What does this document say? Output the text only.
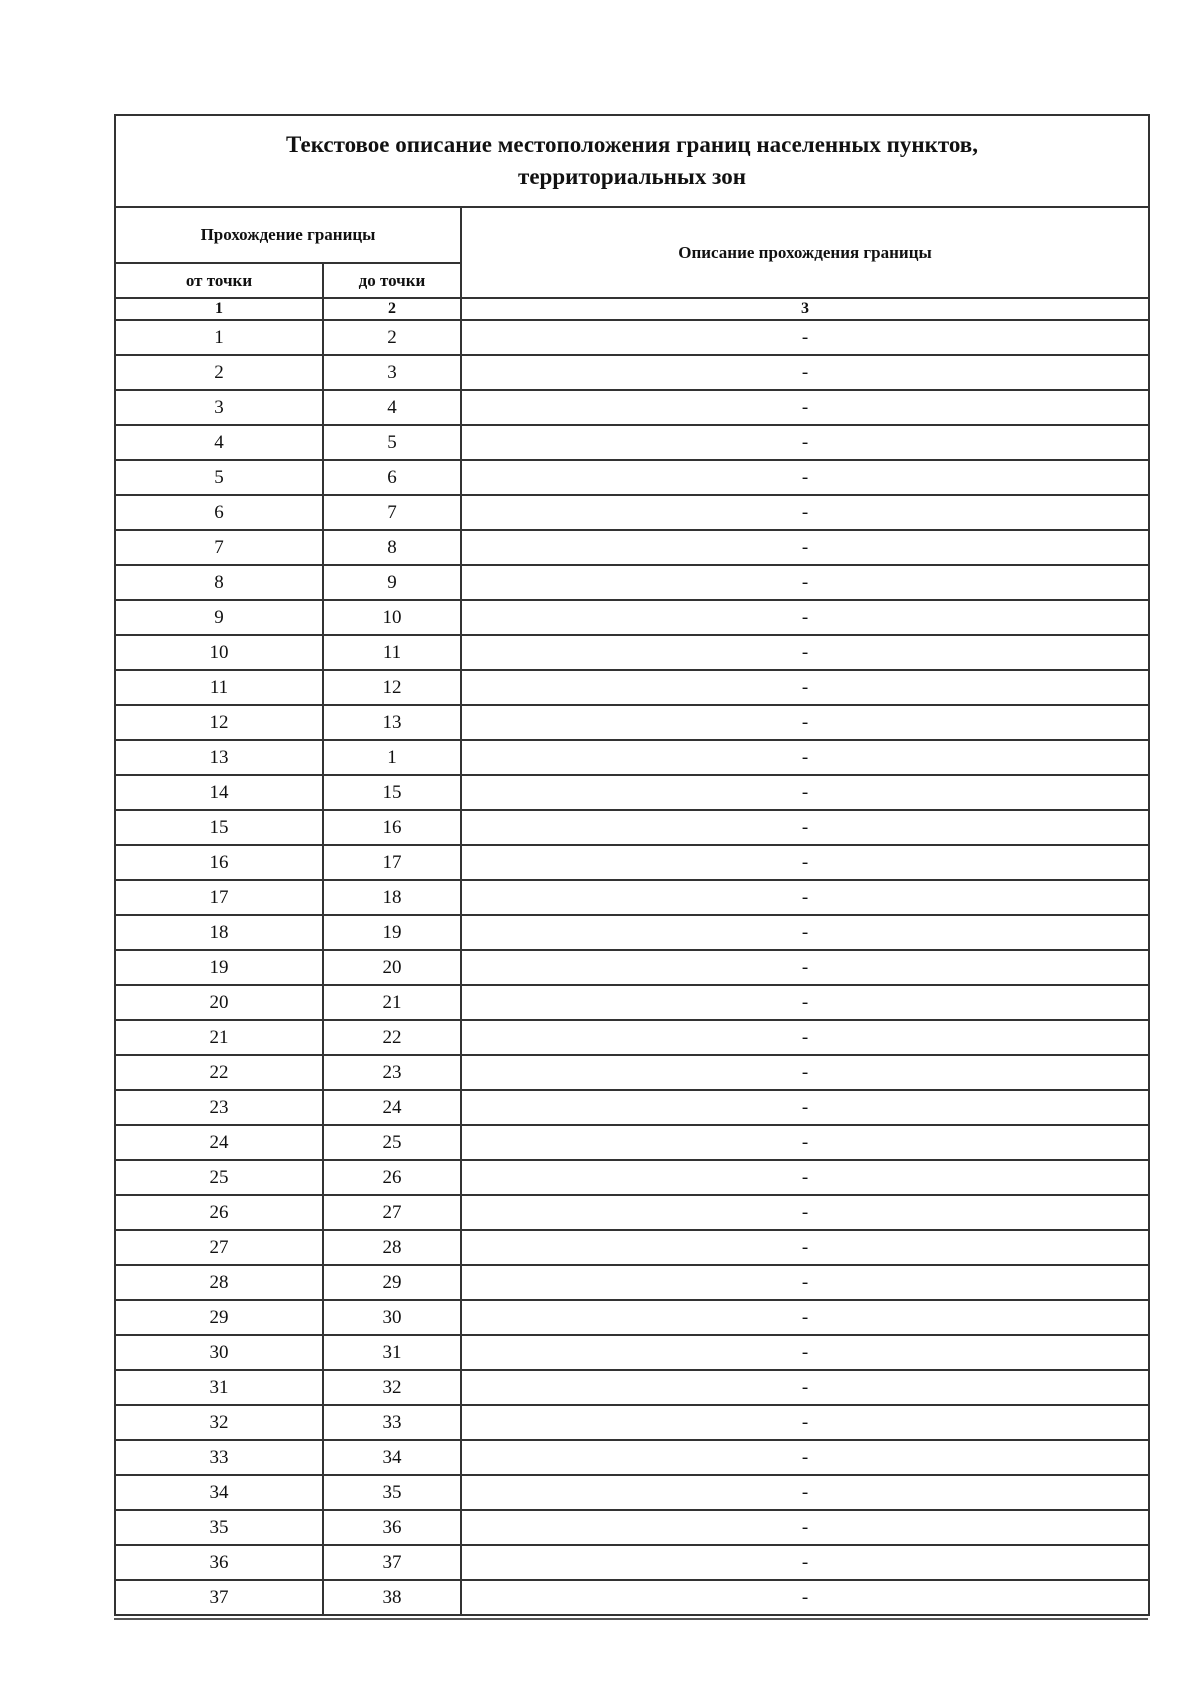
Текстовое описание местоположения границ населенных пунктов,
территориальных зон		

Прохождение границы		Описание прохождения границы
от точки	до точки	
1	2	3
1	2	-
2	3	-
3	4	-
4	5	-
5	6	-
6	7	-
7	8	-
8	9	-
9	10	-
10	11	-
11	12	-
12	13	-
13	1	-
14	15	-
15	16	-
16	17	-
17	18	-
18	19	-
19	20	-
20	21	-
21	22	-
22	23	-
23	24	-
24	25	-
25	26	-
26	27	-
27	28	-
28	29	-
29	30	-
30	31	-
31	32	-
32	33	-
33	34	-
34	35	-
35	36	-
36	37	-
37	38	-
